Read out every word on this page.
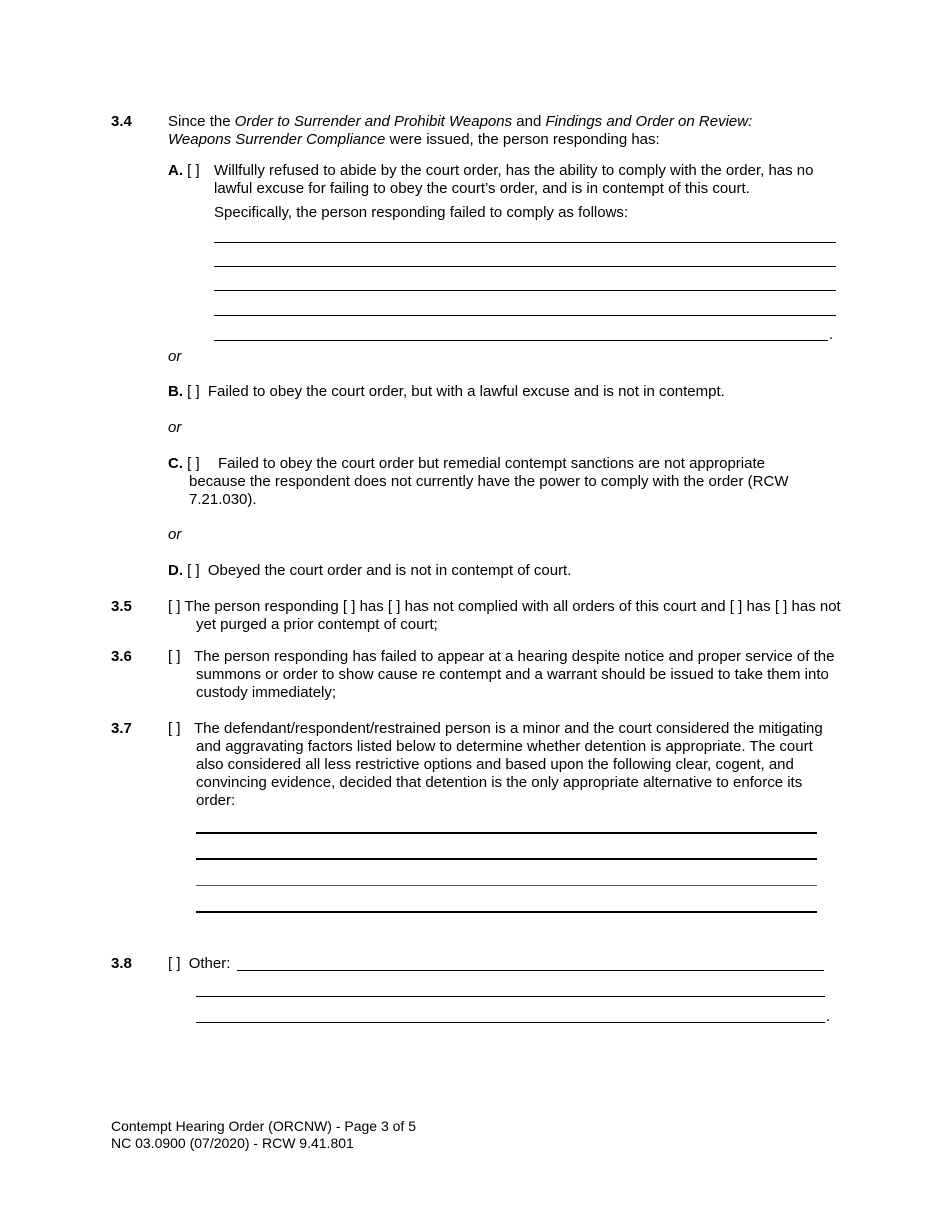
3.4 Since the Order to Surrender and Prohibit Weapons and Findings and Order on Review: Weapons Surrender Compliance were issued, the person responding has:
A. [ ] Willfully refused to abide by the court order, has the ability to comply with the order, has no lawful excuse for failing to obey the court’s order, and is in contempt of this court.
Specifically, the person responding failed to comply as follows:
.
or
B. [ ] Failed to obey the court order, but with a lawful excuse and is not in contempt.
or
C. [ ]	Failed to obey the court order but remedial contempt sanctions are not appropriate because the respondent does not currently have the power to comply with the order (RCW 7.21.030).
or
D. [ ] Obeyed the court order and is not in contempt of court.
3.5 [ ] The person responding [ ] has [ ] has not complied with all orders of this court and [ ] has [ ] has not yet purged a prior contempt of court;
3.6 [ ] The person responding has failed to appear at a hearing despite notice and proper service of the summons or order to show cause re contempt and a warrant should be issued to take them into custody immediately;
3.7 [ ] The defendant/respondent/restrained person is a minor and the court considered the mitigating and aggravating factors listed below to determine whether detention is appropriate. The court also considered all less restrictive options and based upon the following clear, cogent, and convincing evidence, decided that detention is the only appropriate alternative to enforce its order:
3.8 [ ] Other:
.
Contempt Hearing Order (ORCNW) - Page 3 of 5
NC 03.0900 (07/2020) - RCW 9.41.801
